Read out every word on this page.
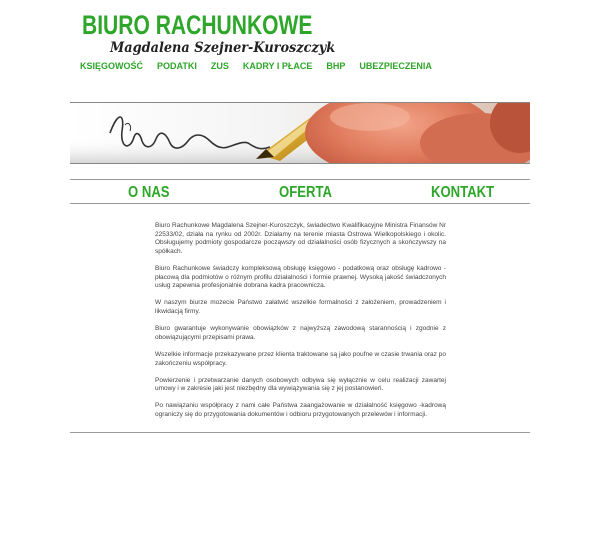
BIURO RACHUNKOWE
Magdalena Szejner-Kuroszczyk
KSIĘGOWOŚĆ PODATKI ZUS KADRY I PŁACE BHP UBEZPIECZENIA
O NAS	OFERTA	KONTAKT

Biuro Rachunkowe Magdalena Szejner-Kuroszczyk, świadectwo Kwalifikacyjne Ministra Finansów Nr 22533/02, działa na rynku od 2002r. Działamy na terenie miasta Ostrowa Wielkopolskiego i okolic. Obsługujemy podmioty gospodarcze począwszy od działalności osób fizycznych a skończywszy na spółkach.

Biuro Rachunkowe świadczy kompleksową obsługę księgowo - podatkową oraz obsługę kadrowo - płacową dla podmiotów o różnym profilu działalności i formie prawnej. Wysoką jakość świadczonych usług zapewnia profesjonalnie dobrana kadra pracownicza.

W naszym biurze możecie Państwo załatwić wszelkie formalności z założeniem, prowadzeniem i likwidacją firmy.

Biuro gwarantuje wykonywanie obowiązków z najwyższą zawodową starannością i zgodnie z obowiązującymi przepisami prawa.

Wszelkie informacje przekazywane przez klienta traktowane są jako poufne w czasie trwania oraz po zakończeniu współpracy.

Powierzenie i przetwarzanie danych osobowych odbywa się wyłącznie w celu realizacji zawartej umowy i w zakresie jaki jest niezbędny dla wywiązywania się z jej postanowień.

Po nawiązaniu współpracy z nami całe Państwa zaangażowanie w działalność księgowo -kadrową ograniczy się do przygotowania dokumentów i odbioru przygotowanych przelewów i informacji.
